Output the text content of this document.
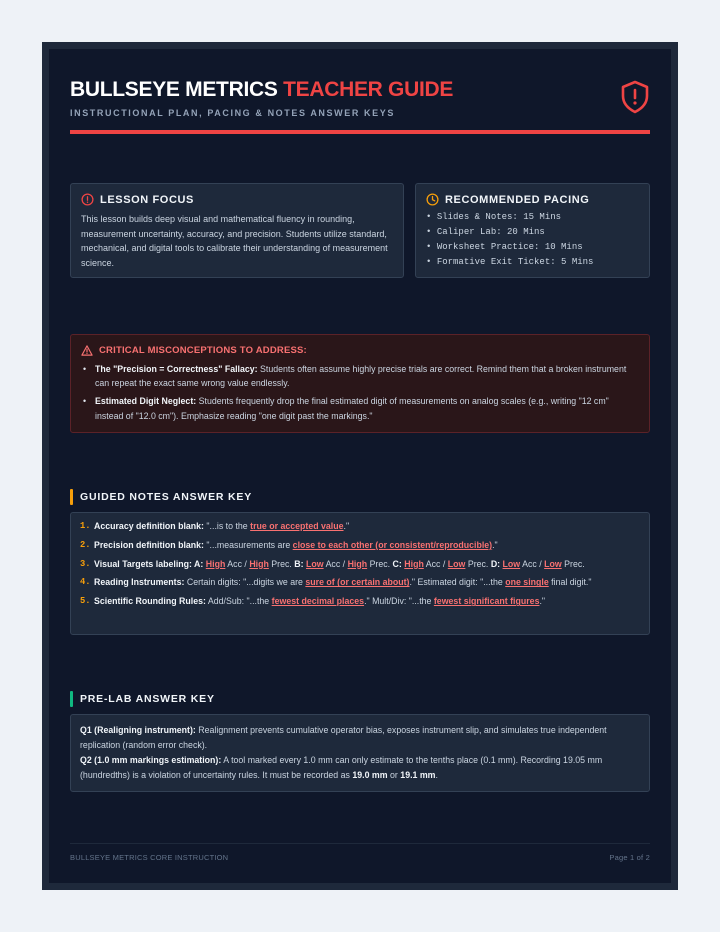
BULLSEYE METRICS TEACHER GUIDE
INSTRUCTIONAL PLAN, PACING & NOTES ANSWER KEYS
LESSON FOCUS

This lesson builds deep visual and mathematical fluency in rounding, measurement uncertainty, accuracy, and precision. Students utilize standard, mechanical, and digital tools to calibrate their understanding of measurement science.

RECOMMENDED PACING
• Slides & Notes: 15 Mins
• Caliper Lab: 20 Mins
• Worksheet Practice: 10 Mins
• Formative Exit Ticket: 5 Mins
CRITICAL MISCONCEPTIONS TO ADDRESS:
• The "Precision = Correctness" Fallacy: Students often assume highly precise trials are correct. Remind them that a broken instrument can repeat the exact same wrong value endlessly.
• Estimated Digit Neglect: Students frequently drop the final estimated digit of measurements on analog scales (e.g., writing "12 cm" instead of "12.0 cm"). Emphasize reading "one digit past the markings."
GUIDED NOTES ANSWER KEY
1. Accuracy definition blank: "...is to the true or accepted value."
2. Precision definition blank: "...measurements are close to each other (or consistent/reproducible)."
3. Visual Targets labeling: A: High Acc / High Prec. B: Low Acc / High Prec. C: High Acc / Low Prec. D: Low Acc / Low Prec.
4. Reading Instruments: Certain digits: "...digits we are sure of (or certain about)." Estimated digit: "...the one single final digit."
5. Scientific Rounding Rules: Add/Sub: "...the fewest decimal places." Mult/Div: "...the fewest significant figures."
PRE-LAB ANSWER KEY

Q1 (Realigning instrument): Realignment prevents cumulative operator bias, exposes instrument slip, and simulates true independent replication (random error check).

Q2 (1.0 mm markings estimation): A tool marked every 1.0 mm can only estimate to the tenths place (0.1 mm). Recording 19.05 mm (hundredths) is a violation of uncertainty rules. It must be recorded as 19.0 mm or 19.1 mm.

BULLSEYE METRICS CORE INSTRUCTION	Page 1 of 2
